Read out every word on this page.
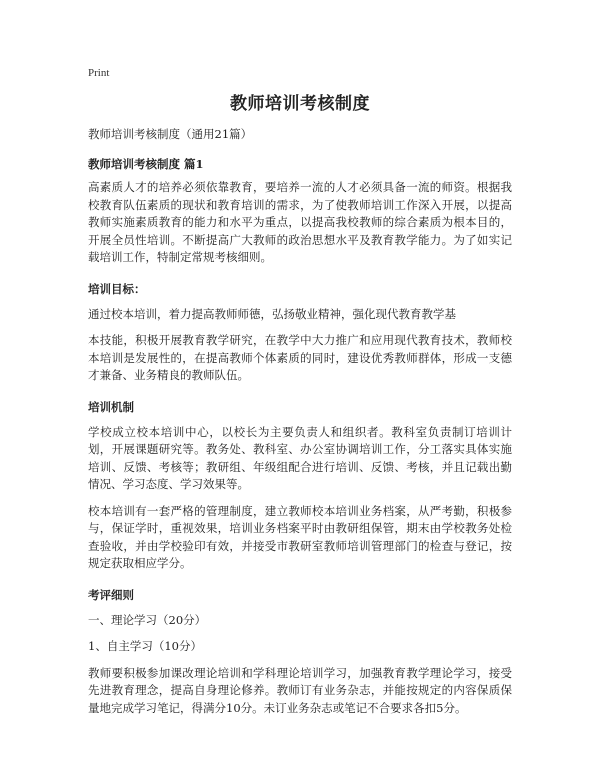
Print
教师培训考核制度

教师培训考核制度（通用21篇）

教师培训考核制度 篇1

高素质人才的培养必须依靠教育，要培养一流的人才必须具备一流的师资。根据我校教育队伍素质的现状和教育培训的需求，为了使教师培训工作深入开展，以提高教师实施素质教育的能力和水平为重点，以提高我校教师的综合素质为根本目的，开展全员性培训。不断提高广大教师的政治思想水平及教育教学能力。为了如实记载培训工作，特制定常规考核细则。

培训目标：

通过校本培训，着力提高教师师德，弘扬敬业精神，强化现代教育教学基

本技能，积极开展教育教学研究，在教学中大力推广和应用现代教育技术，教师校本培训是发展性的，在提高教师个体素质的同时，建设优秀教师群体，形成一支德才兼备、业务精良的教师队伍。

培训机制

学校成立校本培训中心，以校长为主要负责人和组织者。教科室负责制订培训计划，开展课题研究等。教务处、教科室、办公室协调培训工作，分工落实具体实施培训、反馈、考核等；教研组、年级组配合进行培训、反馈、考核，并且记载出勤情况、学习态度、学习效果等。

校本培训有一套严格的管理制度，建立教师校本培训业务档案，从严考勤，积极参与，保证学时，重视效果，培训业务档案平时由教研组保管，期末由学校教务处检查验收，并由学校验印有效，并接受市教研室教师培训管理部门的检查与登记，按规定获取相应学分。

考评细则

一、理论学习（20分）

1、自主学习（10分）

教师要积极参加课改理论培训和学科理论培训学习，加强教育教学理论学习，接受先进教育理念，提高自身理论修养。教师订有业务杂志，并能按规定的内容保质保量地完成学习笔记，得满分10分。未订业务杂志或笔记不合要求各扣5分。
